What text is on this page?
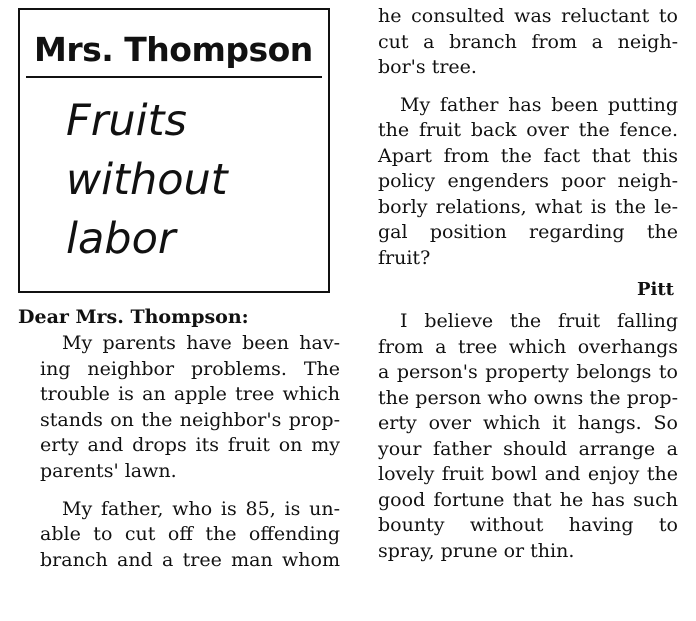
Mrs. Thompson
Fruits
without
labor
Dear Mrs. Thompson:
My parents have been hav-
ing neighbor problems. The
trouble is an apple tree which
stands on the neighbor's prop-
erty and drops its fruit on my
parents' lawn.
My father, who is 85, is un-
able to cut off the offending
branch and a tree man whom
he consulted was reluctant to
cut a branch from a neigh-
bor's tree.
My father has been putting
the fruit back over the fence.
Apart from the fact that this
policy engenders poor neigh-
borly relations, what is the le-
gal position regarding the
fruit?
Pitt
I believe the fruit falling
from a tree which overhangs
a person's property belongs to
the person who owns the prop-
erty over which it hangs. So
your father should arrange a
lovely fruit bowl and enjoy the
good fortune that he has such
bounty without having to
spray, prune or thin.
